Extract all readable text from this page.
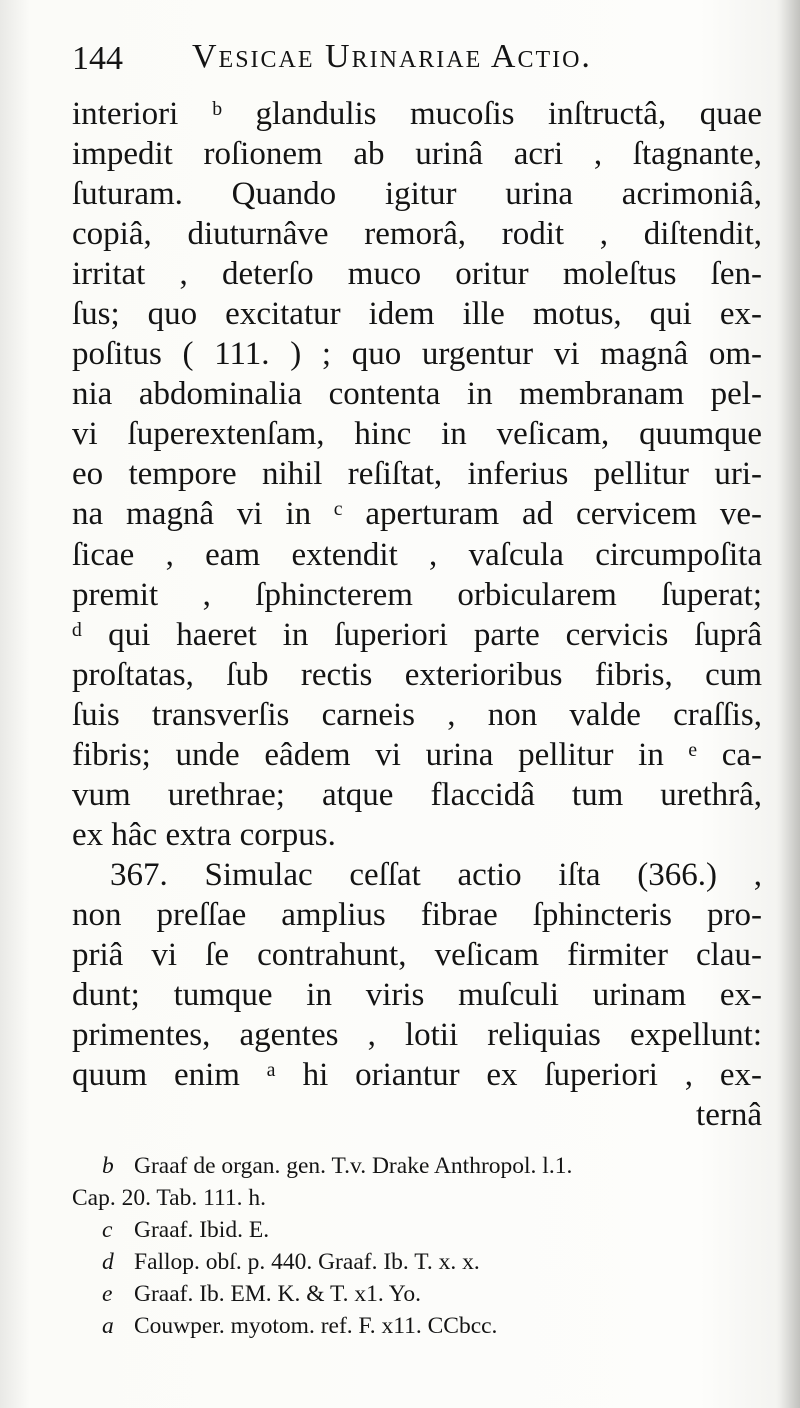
144 Vesicae Urinariae Actio.
interiori ᵇ glandulis mucoſis inſtructâ, quae
impedit roſionem ab urinâ acri , ſtagnante,
ſuturam. Quando igitur urina acrimoniâ,
copiâ, diuturnâve remorâ, rodit , diſtendit,
irritat , deterſo muco oritur moleſtus ſen-
ſus; quo excitatur idem ille motus, qui ex-
poſitus ( 111. ) ; quo urgentur vi magnâ om-
nia abdominalia contenta in membranam pel-
vi ſuperextenſam, hinc in veſicam, quumque
eo tempore nihil reſiſtat, inferius pellitur uri-
na magnâ vi in ᶜ aperturam ad cervicem ve-
ſicae , eam extendit , vaſcula circumpoſita
premit , ſphincterem orbicularem ſuperat;
ᵈ qui haeret in ſuperiori parte cervicis ſuprâ
proſtatas, ſub rectis exterioribus fibris, cum
ſuis transverſis carneis , non valde craſſis,
fibris; unde eâdem vi urina pellitur in ᵉ ca-
vum urethrae; atque flaccidâ tum urethrâ,
ex hâc extra corpus.
367. Simulac ceſſat actio iſta (366.) ,
non preſſae amplius fibrae ſphincteris pro-
priâ vi ſe contrahunt, veſicam firmiter clau-
dunt; tumque in viris muſculi urinam ex-
primentes, agentes , lotii reliquias expellunt:
quum enim ᵃ hi oriantur ex ſuperiori , ex-
ternâ
b Graaf de organ. gen. T.v. Drake Anthropol. l.1.
Cap. 20. Tab. 111. h.
c Graaf. Ibid. E.
d Fallop. obſ. p. 440. Graaf. Ib. T. x. x.
e Graaf. Ib. EM. K. & T. x1. Yo.
a Couwper. myotom. ref. F. x11. CCbcc.
